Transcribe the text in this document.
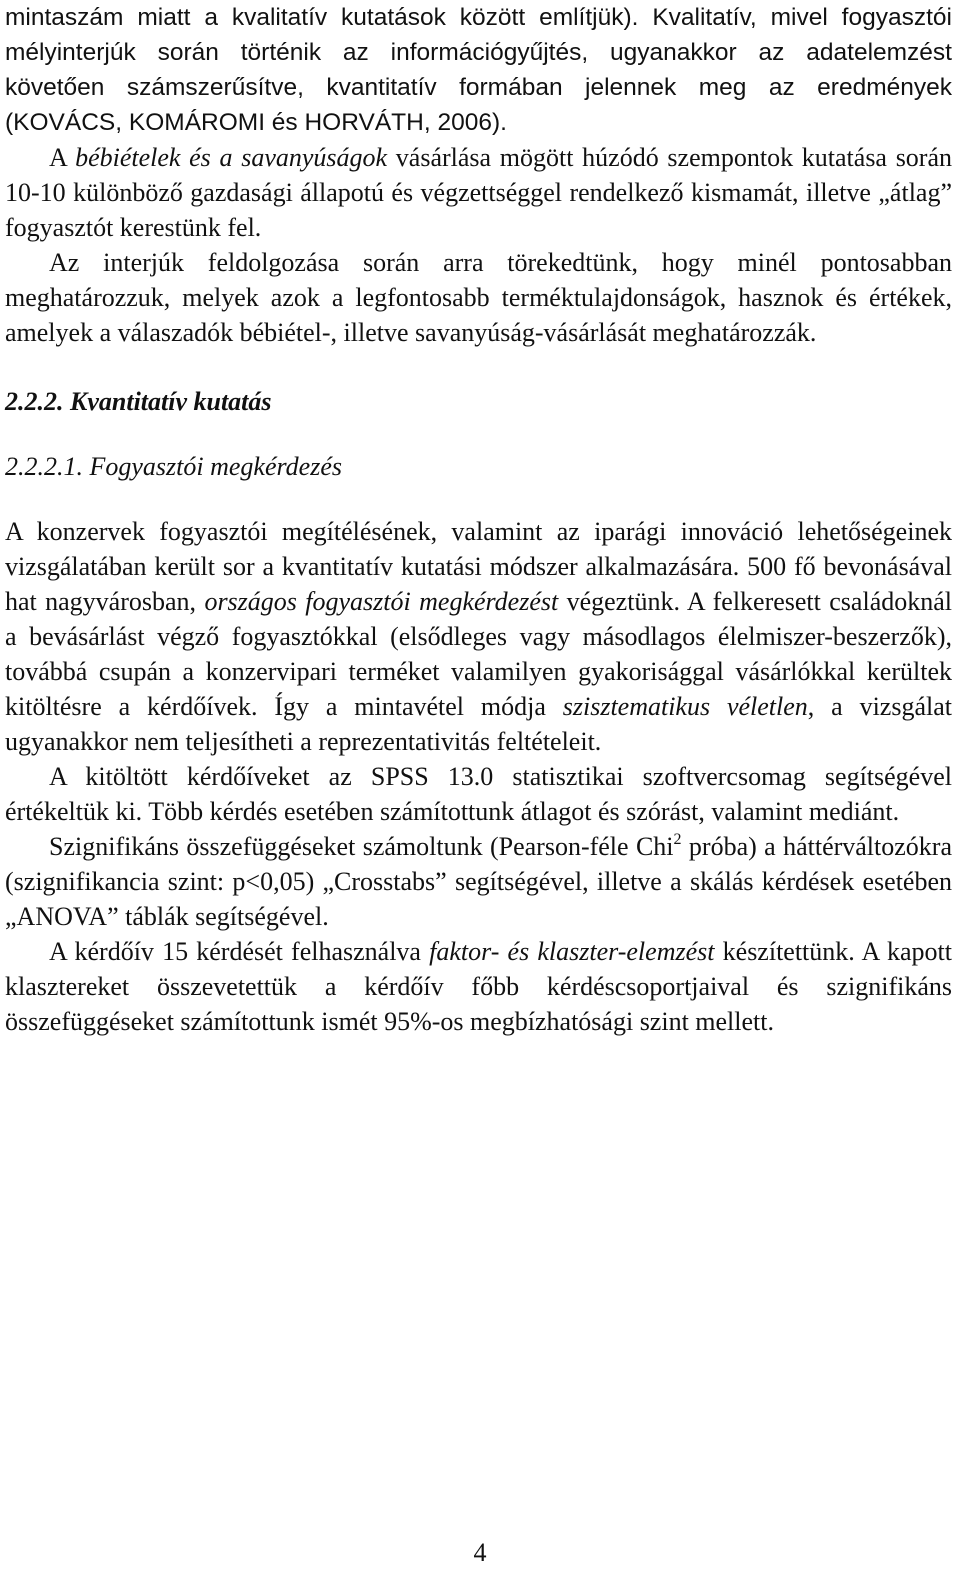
mintaszám miatt a kvalitatív kutatások között említjük). Kvalitatív, mivel fogyasztói mélyinterjúk során történik az információgyűjtés, ugyanakkor az adatelemzést követően számszerűsítve, kvantitatív formában jelennek meg az eredmények (KOVÁCS, KOMÁROMI és HORVÁTH, 2006).

A bébiételek és a savanyúságok vásárlása mögött húzódó szempontok kutatása során 10-10 különböző gazdasági állapotú és végzettséggel rendelkező kismamát, illetve „átlag” fogyasztót kerestünk fel.

Az interjúk feldolgozása során arra törekedtünk, hogy minél pontosabban meghatározzuk, melyek azok a legfontosabb terméktulajdonságok, hasznok és értékek, amelyek a válaszadók bébiétel-, illetve savanyúság-vásárlását meghatározzák.

2.2.2. Kvantitatív kutatás
2.2.2.1. Fogyasztói megkérdezés

A konzervek fogyasztói megítélésének, valamint az iparági innováció lehetőségeinek vizsgálatában került sor a kvantitatív kutatási módszer alkalmazására. 500 fő bevonásával hat nagyvárosban, országos fogyasztói megkérdezést végeztünk. A felkeresett családoknál a bevásárlást végző fogyasztókkal (elsődleges vagy másodlagos élelmiszer-beszerzők), továbbá csupán a konzervipari terméket valamilyen gyakorisággal vásárlókkal kerültek kitöltésre a kérdőívek. Így a mintavétel módja szisztematikus véletlen, a vizsgálat ugyanakkor nem teljesítheti a reprezentativitás feltételeit.

A kitöltött kérdőíveket az SPSS 13.0 statisztikai szoftvercsomag segítségével értékeltük ki. Több kérdés esetében számítottunk átlagot és szórást, valamint mediánt.

Szignifikáns összefüggéseket számoltunk (Pearson-féle Chi$^2$ próba) a háttérváltozókra (szignifikancia szint: p<0,05) „Crosstabs” segítségével, illetve a skálás kérdések esetében „ANOVA” táblák segítségével.

A kérdőív 15 kérdését felhasználva faktor- és klaszter-elemzést készítettünk. A kapott klasztereket összevetettük a kérdőív főbb kérdéscsoportjaival és szignifikáns összefüggéseket számítottunk ismét 95%-os megbízhatósági szint mellett.

4
